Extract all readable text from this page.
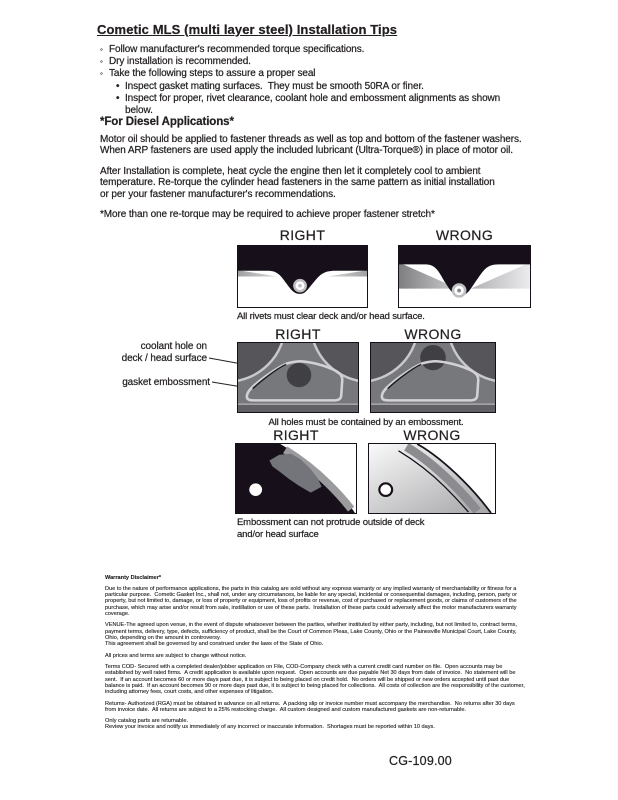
Cometic MLS (multi layer steel) Installation Tips
◦ Follow manufacturer's recommended torque specifications.
◦ Dry installation is recommended.
◦ Take the following steps to assure a proper seal
• Inspect gasket mating surfaces.  They must be smooth 50RA or finer.
• Inspect for proper, rivet clearance, coolant hole and embossment alignments as shown below.
*For Diesel Applications*
Motor oil should be applied to fastener threads as well as top and bottom of the fastener washers.
When ARP fasteners are used apply the included lubricant (Ultra-Torque®) in place of motor oil.
After Installation is complete, heat cycle the engine then let it completely cool to ambient
temperature. Re-torque the cylinder head fasteners in the same pattern as initial installation
or per your fastener manufacturer's recommendations.
*More than one re-torque may be required to achieve proper fastener stretch*
RIGHT	WRONG
All rivets must clear deck and/or head surface.
RIGHT	WRONG
coolant hole on
deck / head surface
gasket embossment
All holes must be contained by an embossment.
RIGHT	WRONG
Embossment can not protrude outside of deck
and/or head surface
Warranty Disclaimer*
Due to the nature of performance applications, the parts in this catalog are sold without any express warranty or any implied warranty of merchantability or fitness for a particular purpose.  Cometic Gasket Inc., shall not, under any circumstances, be liable for any special, incidental or consequential damages, including, person, party or property, but not limited to, damage, or loss of property or equipment, loss of profits or revenue, cost of purchased or replacement goods, or claims of customers of the purchase, which may arise and/or result from sale, instillation or use of these parts.  Installation of these parts could adversely affect the motor manufacturers warranty coverage.
VENUE-The agreed upon venue, in the event of dispute whatsoever between the parties, whether instituted by either party, including, but not limited to, contract terms, payment terms, delivery, type, defects, sufficiency of product, shall be the Court of Common Pleas, Lake County, Ohio or the Painesville Municipal Court, Lake County, Ohio, depending on the amount in controversy.
This agreement shall be governed by and construed under the laws of the State of Ohio.
All prices and terms are subject to change without notice.
Terms COD- Secured with a completed dealer/jobber application on File, COD-Company check with a current credit card number on file.  Open accounts may be established by well rated firms.  A credit application is available upon request.  Open accounts are due payable Net 30 days from date of invoice.  No statement will be sent.  If an account becomes 60 or more days past due, it is subject to being placed on credit hold.  No orders will be shipped or new orders accepted until past due balance is paid.  If an account becomes 90 or more days past due, it is subject to being placed for collections.  All costs of collection are the responsibility of the customer, including attorney fees, court costs, and other expenses of litigation.
Returns- Authorized (RGA) must be obtained in advance on all returns.  A packing slip or invoice number must accompany the merchandise.  No returns after 30 days from invoice date.  All returns are subject to a 25% restocking charge.  All custom designed and custom manufactured gaskets are non-returnable.
Only catalog parts are returnable.
Review your invoice and notify us immediately of any incorrect or inaccurate information.  Shortages must be reported within 10 days.
CG-109.00
